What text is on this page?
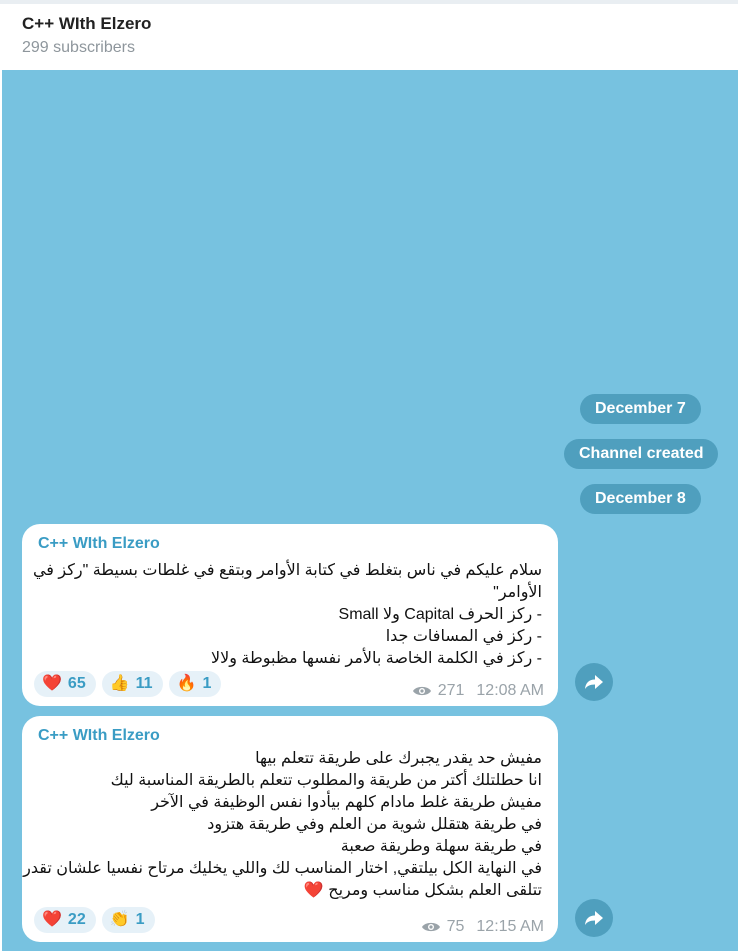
C++ WIth Elzero
299 subscribers
December 7
Channel created
December 8
C++ WIth Elzero
سلام عليكم في ناس بتغلط في كتابة الأوامر وبتقع في غلطات بسيطة "ركز في
الأوامر"
- ركز الحرف Capital ولا Small
- ركز في المسافات جدا
- ركز في الكلمة الخاصة بالأمر نفسها مظبوطة ولالا
❤️ 65 👍 11 🔥 1	271 12:08 AM
C++ WIth Elzero
مفيش حد يقدر يجبرك على طريقة تتعلم بيها
انا حطلتلك أكتر من طريقة والمطلوب تتعلم بالطريقة المناسبة ليك
مفيش طريقة غلط مادام كلهم بيأدوا نفس الوظيفة في الآخر
في طريقة هتقلل شوية من العلم وفي طريقة هتزود
في طريقة سهلة وطريقة صعبة
في النهاية الكل بيلتقي, اختار المناسب لك واللي يخليك مرتاح نفسيا علشان تقدر
تتلقى العلم بشكل مناسب ومريح ❤️
❤️ 22 👏 1	75 12:15 AM
